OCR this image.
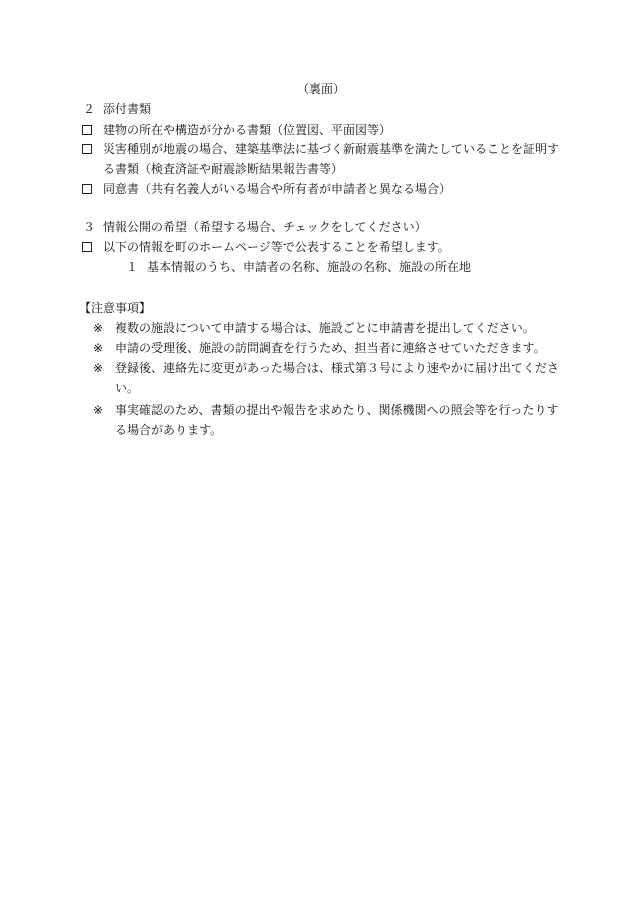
（裏面）
２ 添付書類
建物の所在や構造が分かる書類（位置図、平面図等）
災害種別が地震の場合、建築基準法に基づく新耐震基準を満たしていることを証明す
る書類（検査済証や耐震診断結果報告書等）
同意書（共有名義人がいる場合や所有者が申請者と異なる場合）
３ 情報公開の希望（希望する場合、チェックをしてください）
以下の情報を町のホームページ等で公表することを希望します。
１ 基本情報のうち、申請者の名称、施設の名称、施設の所在地
【注意事項】
※ 複数の施設について申請する場合は、施設ごとに申請書を提出してください。
※ 申請の受理後、施設の訪問調査を行うため、担当者に連絡させていただきます。
※ 登録後、連絡先に変更があった場合は、様式第３号により速やかに届け出てくださ
い。
※ 事実確認のため、書類の提出や報告を求めたり、関係機関への照会等を行ったりす
る場合があります。
